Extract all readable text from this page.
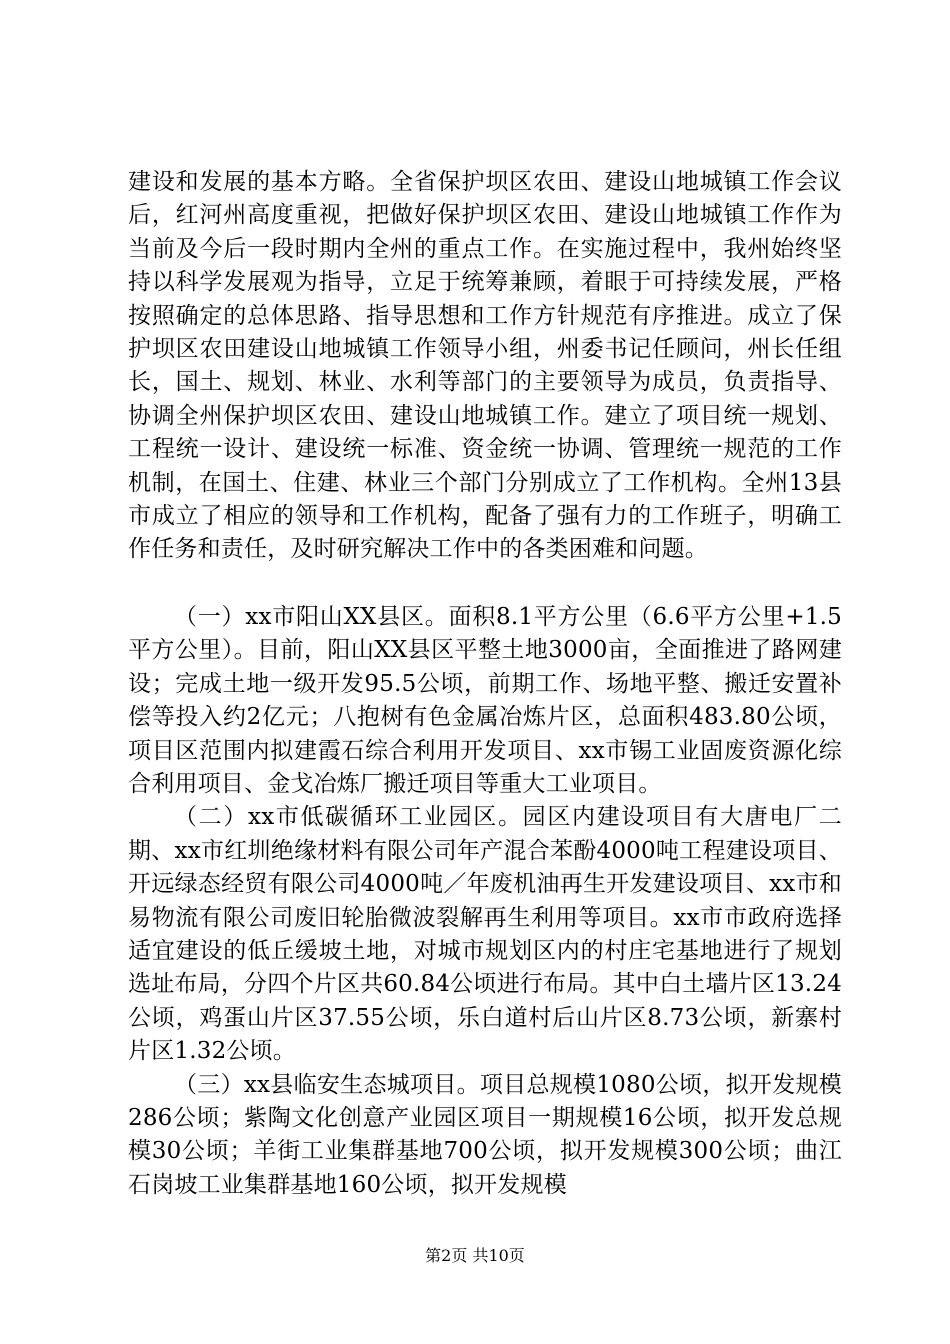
建设和发展的基本方略。全省保护坝区农田、建设山地城镇工作会议后，红河州高度重视，把做好保护坝区农田、建设山地城镇工作作为当前及今后一段时期内全州的重点工作。在实施过程中，我州始终坚持以科学发展观为指导，立足于统筹兼顾，着眼于可持续发展，严格按照确定的总体思路、指导思想和工作方针规范有序推进。成立了保护坝区农田建设山地城镇工作领导小组，州委书记任顾问，州长任组长，国土、规划、林业、水利等部门的主要领导为成员，负责指导、协调全州保护坝区农田、建设山地城镇工作。建立了项目统一规划、工程统一设计、建设统一标准、资金统一协调、管理统一规范的工作机制，在国土、住建、林业三个部门分别成立了工作机构。全州13县市成立了相应的领导和工作机构，配备了强有力的工作班子，明确工作任务和责任，及时研究解决工作中的各类困难和问题。

（一）xx市阳山XX县区。面积8.1平方公里（6.6平方公里+1.5平方公里）。目前，阳山XX县区平整土地3000亩，全面推进了路网建设；完成土地一级开发95.5公顷，前期工作、场地平整、搬迁安置补偿等投入约2亿元；八抱树有色金属冶炼片区，总面积483.80公顷，项目区范围内拟建霞石综合利用开发项目、xx市锡工业固废资源化综合利用项目、金戈冶炼厂搬迁项目等重大工业项目。

（二）xx市低碳循环工业园区。园区内建设项目有大唐电厂二期、xx市红圳绝缘材料有限公司年产混合苯酚4000吨工程建设项目、开远绿态经贸有限公司4000吨／年废机油再生开发建设项目、xx市和易物流有限公司废旧轮胎微波裂解再生利用等项目。xx市市政府选择适宜建设的低丘缓坡土地，对城市规划区内的村庄宅基地进行了规划选址布局，分四个片区共60.84公顷进行布局。其中白土墙片区13.24公顷，鸡蛋山片区37.55公顷，乐白道村后山片区8.73公顷，新寨村片区1.32公顷。

（三）xx县临安生态城项目。项目总规模1080公顷，拟开发规模286公顷；紫陶文化创意产业园区项目一期规模16公顷，拟开发总规模30公顷；羊街工业集群基地700公顷，拟开发规模300公顷；曲江石岗坡工业集群基地160公顷，拟开发规模

第2页 共10页
